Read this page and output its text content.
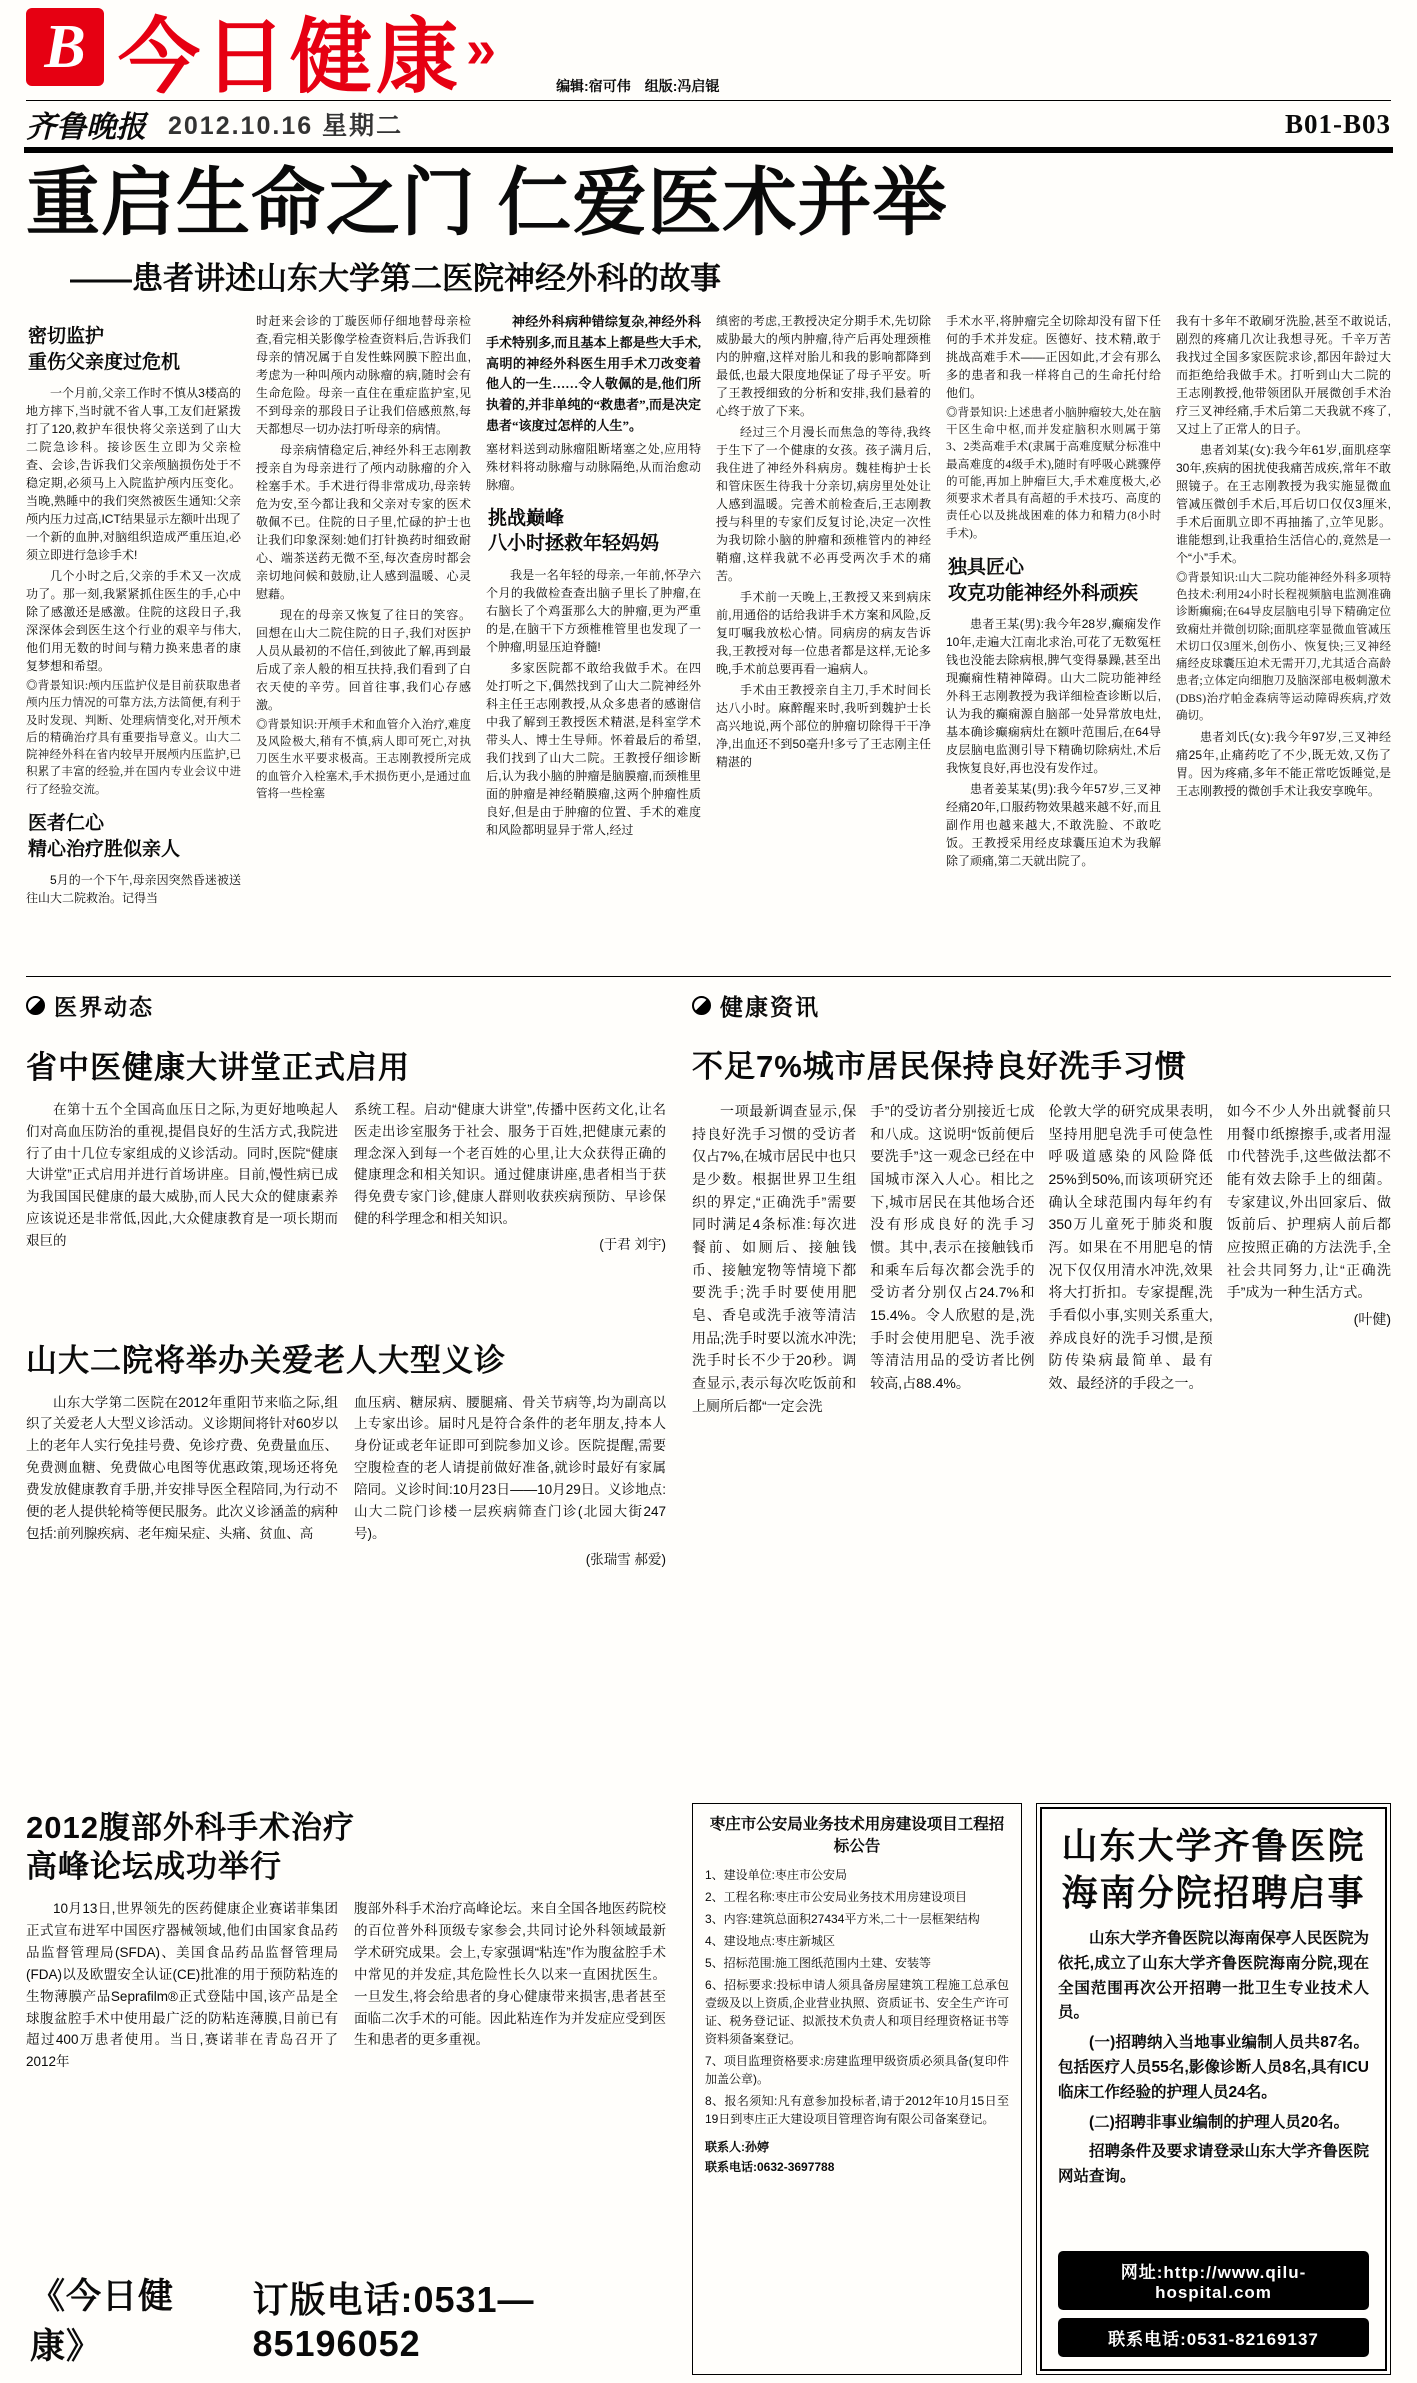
B 今日健康»
编辑:宿可伟　组版:冯启锟
齐鲁晚报 2012.10.16 星期二	B01-B03
重启生命之门 仁爱医术并举
——患者讲述山东大学第二医院神经外科的故事
密切监护
重伤父亲度过危机

一个月前,父亲工作时不慎从3楼高的地方摔下,当时就不省人事,工友们赶紧拨打了120,救护车很快将父亲送到了山大二院急诊科。接诊医生立即为父亲检查、会诊,告诉我们父亲颅脑损伤处于不稳定期,必须马上入院监护颅内压变化。当晚,熟睡中的我们突然被医生通知:父亲颅内压力过高,ICT结果显示左额叶出现了一个新的血肿,对脑组织造成严重压迫,必须立即进行急诊手术!

几个小时之后,父亲的手术又一次成功了。那一刻,我紧紧抓住医生的手,心中除了感激还是感激。住院的这段日子,我深深体会到医生这个行业的艰辛与伟大,他们用无数的时间与精力换来患者的康复梦想和希望。

◎背景知识:颅内压监护仪是目前获取患者颅内压力情况的可靠方法,方法简便,有利于及时发现、判断、处理病情变化,对开颅术后的精确治疗具有重要指导意义。山大二院神经外科在省内较早开展颅内压监护,已积累了丰富的经验,并在国内专业会议中进行了经验交流。

医者仁心
精心治疗胜似亲人

5月的一个下午,母亲因突然昏迷被送往山大二院救治。记得当

时赶来会诊的丁璇医师仔细地替母亲检查,看完相关影像学检查资料后,告诉我们母亲的情况属于自发性蛛网膜下腔出血,考虑为一种叫颅内动脉瘤的病,随时会有生命危险。母亲一直住在重症监护室,见不到母亲的那段日子让我们倍感煎熬,每天都想尽一切办法打听母亲的病情。

母亲病情稳定后,神经外科王志刚教授亲自为母亲进行了颅内动脉瘤的介入栓塞手术。手术进行得非常成功,母亲转危为安,至今都让我和父亲对专家的医术敬佩不已。住院的日子里,忙碌的护士也让我们印象深刻:她们打针换药时细致耐心、端茶送药无微不至,每次查房时都会亲切地问候和鼓励,让人感到温暖、心灵慰藉。

现在的母亲又恢复了往日的笑容。回想在山大二院住院的日子,我们对医护人员从最初的不信任,到彼此了解,再到最后成了亲人般的相互扶持,我们看到了白衣天使的辛劳。回首往事,我们心存感激。

◎背景知识:开颅手术和血管介入治疗,难度及风险极大,稍有不慎,病人即可死亡,对执刀医生水平要求极高。王志刚教授所完成的血管介入栓塞术,手术损伤更小,是通过血管将一些栓塞

神经外科病种错综复杂,神经外科手术特别多,而且基本上都是些大手术,高明的神经外科医生用手术刀改变着他人的一生……令人敬佩的是,他们所执着的,并非单纯的“救患者”,而是决定患者“该度过怎样的人生”。

塞材料送到动脉瘤阻断堵塞之处,应用特殊材料将动脉瘤与动脉隔绝,从而治愈动脉瘤。

挑战巅峰
八小时拯救年轻妈妈

我是一名年轻的母亲,一年前,怀孕六个月的我做检查查出脑子里长了肿瘤,在右脑长了个鸡蛋那么大的肿瘤,更为严重的是,在脑干下方颈椎椎管里也发现了一个肿瘤,明显压迫脊髓!

多家医院都不敢给我做手术。在四处打听之下,偶然找到了山大二院神经外科主任王志刚教授,从众多患者的感谢信中我了解到王教授医术精湛,是科室学术带头人、博士生导师。怀着最后的希望,我们找到了山大二院。王教授仔细诊断后,认为我小脑的肿瘤是脑膜瘤,而颈椎里面的肿瘤是神经鞘膜瘤,这两个肿瘤性质良好,但是由于肿瘤的位置、手术的难度和风险都明显异于常人,经过

缜密的考虑,王教授决定分期手术,先切除威胁最大的颅内肿瘤,待产后再处理颈椎内的肿瘤,这样对胎儿和我的影响都降到最低,也最大限度地保证了母子平安。听了王教授细致的分析和安排,我们悬着的心终于放了下来。

经过三个月漫长而焦急的等待,我终于生下了一个健康的女孩。孩子满月后,我住进了神经外科病房。魏桂梅护士长和管床医生待我十分亲切,病房里处处让人感到温暖。完善术前检查后,王志刚教授与科里的专家们反复讨论,决定一次性为我切除小脑的肿瘤和颈椎管内的神经鞘瘤,这样我就不必再受两次手术的痛苦。

手术前一天晚上,王教授又来到病床前,用通俗的话给我讲手术方案和风险,反复叮嘱我放松心情。同病房的病友告诉我,王教授对每一位患者都是这样,无论多晚,手术前总要再看一遍病人。

手术由王教授亲自主刀,手术时间长达八小时。麻醉醒来时,我听到魏护士长高兴地说,两个部位的肿瘤切除得干干净净,出血还不到50毫升!多亏了王志刚主任精湛的

手术水平,将肿瘤完全切除却没有留下任何的手术并发症。医德好、技术精,敢于挑战高难手术——正因如此,才会有那么多的患者和我一样将自己的生命托付给他们。

◎背景知识:上述患者小脑肿瘤较大,处在脑干区生命中枢,而并发症脑积水则属于第3、2类高难手术(隶属于高难度赋分标准中最高难度的4级手术),随时有呼吸心跳骤停的可能,再加上肿瘤巨大,手术难度极大,必须要求术者具有高超的手术技巧、高度的责任心以及挑战困难的体力和精力(8小时手术)。

独具匠心
攻克功能神经外科顽疾

患者王某(男):我今年28岁,癫痫发作10年,走遍大江南北求治,可花了无数冤枉钱也没能去除病根,脾气变得暴躁,甚至出现癫痫性精神障碍。山大二院功能神经外科王志刚教授为我详细检查诊断以后,认为我的癫痫源自脑部一处异常放电灶,基本确诊癫痫病灶在额叶范围后,在64导皮层脑电监测引导下精确切除病灶,术后我恢复良好,再也没有发作过。

患者姜某某(男):我今年57岁,三叉神经痛20年,口服药物效果越来越不好,而且副作用也越来越大,不敢洗脸、不敢吃饭。王教授采用经皮球囊压迫术为我解除了顽痛,第二天就出院了。

我有十多年不敢刷牙洗脸,甚至不敢说话,剧烈的疼痛几次让我想寻死。千辛万苦我找过全国多家医院求诊,都因年龄过大而拒绝给我做手术。打听到山大二院的王志刚教授,他带领团队开展微创手术治疗三叉神经痛,手术后第二天我就不疼了,又过上了正常人的日子。

患者刘某(女):我今年61岁,面肌痉挛30年,疾病的困扰使我痛苦成疾,常年不敢照镜子。在王志刚教授为我实施显微血管减压微创手术后,耳后切口仅仅3厘米,手术后面肌立即不再抽搐了,立竿见影。谁能想到,让我重拾生活信心的,竟然是一个“小”手术。

◎背景知识:山大二院功能神经外科多项特色技术:利用24小时长程视频脑电监测准确诊断癫痫;在64导皮层脑电引导下精确定位致痫灶并微创切除;面肌痉挛显微血管减压术切口仅3厘米,创伤小、恢复快;三叉神经痛经皮球囊压迫术无需开刀,尤其适合高龄患者;立体定向细胞刀及脑深部电极刺激术(DBS)治疗帕金森病等运动障碍疾病,疗效确切。

患者刘氏(女):我今年97岁,三叉神经痛25年,止痛药吃了不少,既无效,又伤了胃。因为疼痛,多年不能正常吃饭睡觉,是王志刚教授的微创手术让我安享晚年。

医界动态
省中医健康大讲堂正式启用

在第十五个全国高血压日之际,为更好地唤起人们对高血压防治的重视,提倡良好的生活方式,我院进行了由十几位专家组成的义诊活动。同时,医院“健康大讲堂”正式启用并进行首场讲座。目前,慢性病已成为我国国民健康的最大威胁,而人民大众的健康素养应该说还是非常低,因此,大众健康教育是一项长期而艰巨的

系统工程。启动“健康大讲堂”,传播中医药文化,让名医走出诊室服务于社会、服务于百姓,把健康元素的理念深入到每一个老百姓的心里,让大众获得正确的健康理念和相关知识。通过健康讲座,患者相当于获得免费专家门诊,健康人群则收获疾病预防、早诊保健的科学理念和相关知识。

(于君 刘宇)
山大二院将举办关爱老人大型义诊

山东大学第二医院在2012年重阳节来临之际,组织了关爱老人大型义诊活动。义诊期间将针对60岁以上的老年人实行免挂号费、免诊疗费、免费量血压、免费测血糖、免费做心电图等优惠政策,现场还将免费发放健康教育手册,并安排导医全程陪同,为行动不便的老人提供轮椅等便民服务。此次义诊涵盖的病种包括:前列腺疾病、老年痴呆症、头痛、贫血、高

血压病、糖尿病、腰腿痛、骨关节病等,均为副高以上专家出诊。届时凡是符合条件的老年朋友,持本人身份证或老年证即可到院参加义诊。医院提醒,需要空腹检查的老人请提前做好准备,就诊时最好有家属陪同。义诊时间:10月23日——10月29日。义诊地点:山大二院门诊楼一层疾病筛查门诊(北园大街247号)。

(张瑞雪 郝爱)
2012腹部外科手术治疗
高峰论坛成功举行

10月13日,世界领先的医药健康企业赛诺菲集团正式宣布进军中国医疗器械领域,他们由国家食品药品监督管理局(SFDA)、美国食品药品监督管理局(FDA)以及欧盟安全认证(CE)批准的用于预防粘连的生物薄膜产品Seprafilm®正式登陆中国,该产品是全球腹盆腔手术中使用最广泛的防粘连薄膜,目前已有超过400万患者使用。当日,赛诺菲在青岛召开了2012年

腹部外科手术治疗高峰论坛。来自全国各地医药院校的百位普外科顶级专家参会,共同讨论外科领域最新学术研究成果。会上,专家强调“粘连”作为腹盆腔手术中常见的并发症,其危险性长久以来一直困扰医生。一旦发生,将会给患者的身心健康带来损害,患者甚至面临二次手术的可能。因此粘连作为并发症应受到医生和患者的更多重视。

《今日健康》
订版电话:0531—85196052
健康资讯
不足7%城市居民保持良好洗手习惯

一项最新调查显示,保持良好洗手习惯的受访者仅占7%,在城市居民中也只是少数。根据世界卫生组织的界定,“正确洗手”需要同时满足4条标准:每次进餐前、如厕后、接触钱币、接触宠物等情境下都要洗手;洗手时要使用肥皂、香皂或洗手液等清洁用品;洗手时要以流水冲洗;洗手时长不少于20秒。调查显示,表示每次吃饭前和上厕所后都“一定会洗

手”的受访者分别接近七成和八成。这说明“饭前便后要洗手”这一观念已经在中国城市深入人心。相比之下,城市居民在其他场合还没有形成良好的洗手习惯。其中,表示在接触钱币和乘车后每次都会洗手的受访者分别仅占24.7%和15.4%。令人欣慰的是,洗手时会使用肥皂、洗手液等清洁用品的受访者比例较高,占88.4%。

伦敦大学的研究成果表明,坚持用肥皂洗手可使急性呼吸道感染的风险降低25%到50%,而该项研究还确认全球范围内每年约有350万儿童死于肺炎和腹泻。如果在不用肥皂的情况下仅仅用清水冲洗,效果将大打折扣。专家提醒,洗手看似小事,实则关系重大,养成良好的洗手习惯,是预防传染病最简单、最有效、最经济的手段之一。

如今不少人外出就餐前只用餐巾纸擦擦手,或者用湿巾代替洗手,这些做法都不能有效去除手上的细菌。专家建议,外出回家后、做饭前后、护理病人前后都应按照正确的方法洗手,全社会共同努力,让“正确洗手”成为一种生活方式。

(叶健)
枣庄市公安局业务技术用房建设项目工程招标公告
1、建设单位:枣庄市公安局
2、工程名称:枣庄市公安局业务技术用房建设项目
3、内容:建筑总面积27434平方米,二十一层框架结构
4、建设地点:枣庄新城区
5、招标范围:施工图纸范围内土建、安装等
6、招标要求:投标申请人须具备房屋建筑工程施工总承包壹级及以上资质,企业营业执照、资质证书、安全生产许可证、税务登记证、拟派技术负责人和项目经理资格证书等资料须备案登记。
7、项目监理资格要求:房建监理甲级资质必须具备(复印件加盖公章)。
8、报名须知:凡有意参加投标者,请于2012年10月15日至19日到枣庄正大建设项目管理咨询有限公司备案登记。
联系人:孙婷
联系电话:0632-3697788
山东大学齐鲁医院
海南分院招聘启事

山东大学齐鲁医院以海南保亭人民医院为依托,成立了山东大学齐鲁医院海南分院,现在全国范围再次公开招聘一批卫生专业技术人员。

(一)招聘纳入当地事业编制人员共87名。包括医疗人员55名,影像诊断人员8名,具有ICU临床工作经验的护理人员24名。

(二)招聘非事业编制的护理人员20名。

招聘条件及要求请登录山东大学齐鲁医院网站查询。

网址:http://www.qilu-hospital.com
联系电话:0531-82169137
